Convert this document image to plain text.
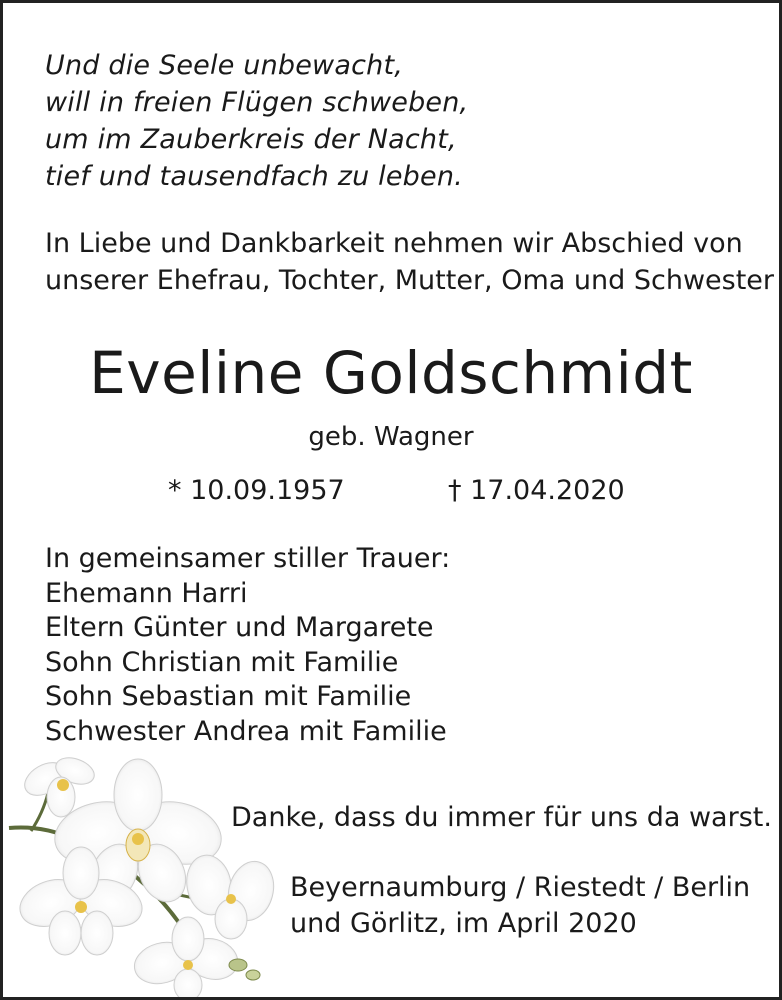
Und die Seele unbewacht,
will in freien Flügen schweben,
um im Zauberkreis der Nacht,
tief und tausendfach zu leben.
In Liebe und Dankbarkeit nehmen wir Abschied von
unserer Ehefrau, Tochter, Mutter, Oma und Schwester
Eveline Goldschmidt
geb. Wagner
* 10.09.1957	† 17.04.2020
In gemeinsamer stiller Trauer:
Ehemann Harri
Eltern Günter und Margarete
Sohn Christian mit Familie
Sohn Sebastian mit Familie
Schwester Andrea mit Familie
Danke, dass du immer für uns da warst.
Beyernaumburg / Riestedt / Berlin
und Görlitz, im April 2020
